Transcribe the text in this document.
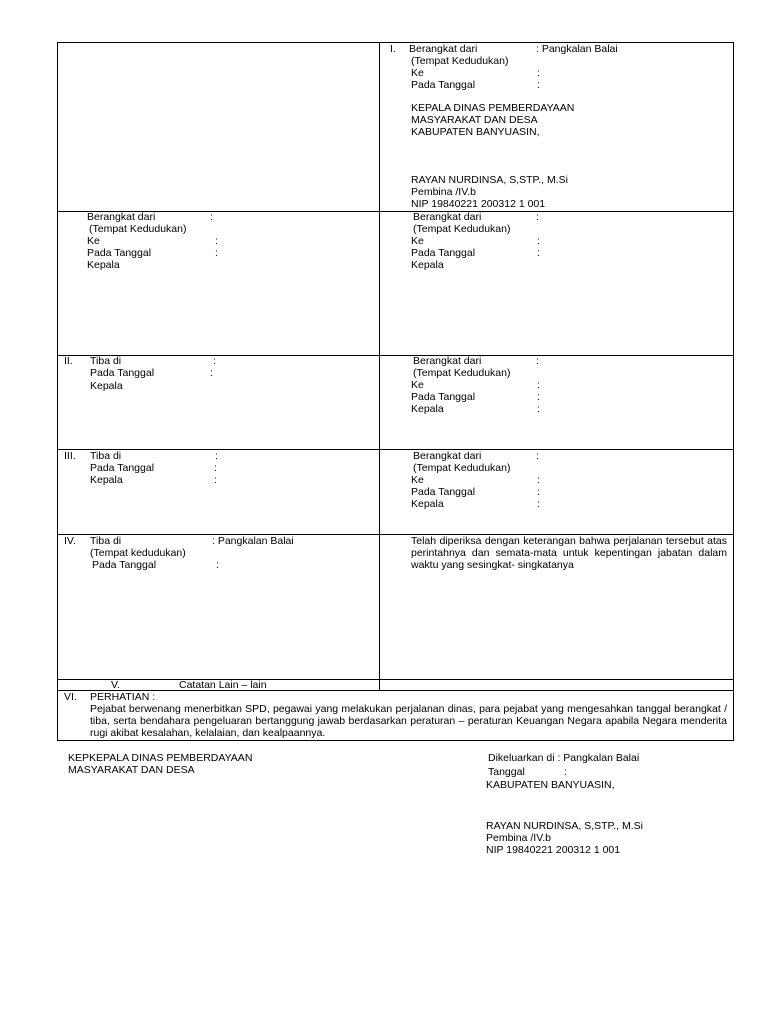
I. Berangkat dari	: Pangkalan Balai
(Tempat Kedudukan)
Ke	:
Pada Tanggal	:
KEPALA DINAS PEMBERDAYAAN
MASYARAKAT DAN DESA
KABUPATEN BANYUASIN,
RAYAN NURDINSA, S,STP., M.Si
Pembina /IV.b
NIP 19840221 200312 1 001
Berangkat dari	:
(Tempat Kedudukan)
Ke	:
Pada Tanggal	:
Kepala
Berangkat dari	:
(Tempat Kedudukan)
Ke	:
Pada Tanggal	:
Kepala
II. Tiba di	:
Pada Tanggal	:
Kepala
Berangkat dari	:
(Tempat Kedudukan)
Ke	:
Pada Tanggal	:
Kepala	:
III. Tiba di	:
Pada Tanggal	:
Kepala	:
Berangkat dari	:
(Tempat Kedudukan)
Ke	:
Pada Tanggal	:
Kepala	:
IV. Tiba di	: Pangkalan Balai
(Tempat kedudukan)
Pada Tanggal	:
Telah diperiksa dengan keterangan bahwa perjalanan tersebut atas perintahnya dan semata-mata untuk kepentingan jabatan dalam waktu yang sesingkat- singkatanya
V.	Catatan Lain – lain
VI. PERHATIAN :
Pejabat berwenang menerbitkan SPD, pegawai yang melakukan perjalanan dinas, para pejabat yang mengesahkan tanggal berangkat / tiba, serta bendahara pengeluaran bertanggung jawab berdasarkan peraturan – peraturan Keuangan Negara apabila Negara menderita rugi akibat kesalahan, kelalaian, dan kealpaannya.
KEPKEPALA DINAS PEMBERDAYAAN
MASYARAKAT DAN DESA
Dikeluarkan di : Pangkalan Balai
Tanggal	:
KABUPATEN BANYUASIN,
RAYAN NURDINSA, S,STP., M.Si
Pembina /IV.b
NIP 19840221 200312 1 001
